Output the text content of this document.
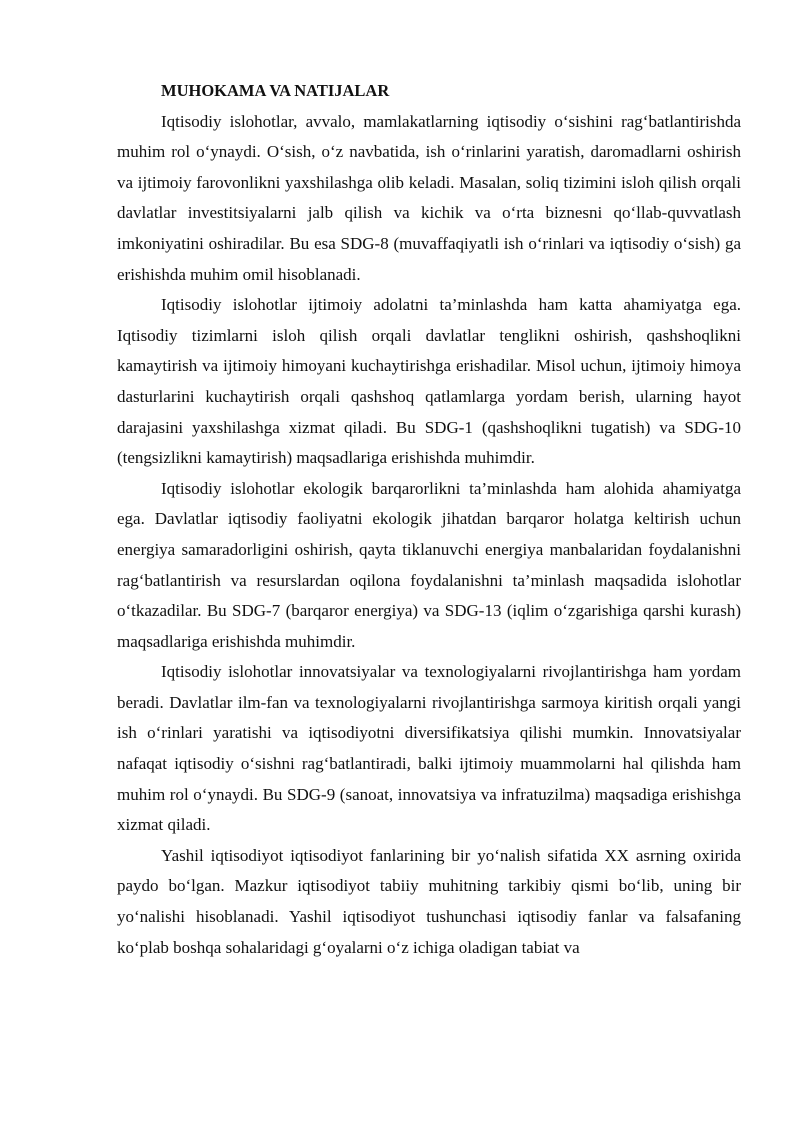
MUHOKAMA VA NATIJALAR

Iqtisodiy islohotlar, avvalo, mamlakatlarning iqtisodiy o‘sishini rag‘batlantirishda muhim rol o‘ynaydi. O‘sish, o‘z navbatida, ish o‘rinlarini yaratish, daromadlarni oshirish va ijtimoiy farovonlikni yaxshilashga olib keladi. Masalan, soliq tizimini isloh qilish orqali davlatlar investitsiyalarni jalb qilish va kichik va o‘rta biznesni qo‘llab-quvvatlash imkoniyatini oshiradilar. Bu esa SDG-8 (muvaffaqiyatli ish o‘rinlari va iqtisodiy o‘sish) ga erishishda muhim omil hisoblanadi.

Iqtisodiy islohotlar ijtimoiy adolatni ta’minlashda ham katta ahamiyatga ega. Iqtisodiy tizimlarni isloh qilish orqali davlatlar tenglikni oshirish, qashshoqlikni kamaytirish va ijtimoiy himoyani kuchaytirishga erishadilar. Misol uchun, ijtimoiy himoya dasturlarini kuchaytirish orqali qashshoq qatlamlarga yordam berish, ularning hayot darajasini yaxshilashga xizmat qiladi. Bu SDG-1 (qashshoqlikni tugatish) va SDG-10 (tengsizlikni kamaytirish) maqsadlariga erishishda muhimdir.

Iqtisodiy islohotlar ekologik barqarorlikni ta’minlashda ham alohida ahamiyatga ega. Davlatlar iqtisodiy faoliyatni ekologik jihatdan barqaror holatga keltirish uchun energiya samaradorligini oshirish, qayta tiklanuvchi energiya manbalaridan foydalanishni rag‘batlantirish va resurslardan oqilona foydalanishni ta’minlash maqsadida islohotlar o‘tkazadilar. Bu SDG-7 (barqaror energiya) va SDG-13 (iqlim o‘zgarishiga qarshi kurash) maqsadlariga erishishda muhimdir.

Iqtisodiy islohotlar innovatsiyalar va texnologiyalarni rivojlantirishga ham yordam beradi. Davlatlar ilm-fan va texnologiyalarni rivojlantirishga sarmoya kiritish orqali yangi ish o‘rinlari yaratishi va iqtisodiyotni diversifikatsiya qilishi mumkin. Innovatsiyalar nafaqat iqtisodiy o‘sishni rag‘batlantiradi, balki ijtimoiy muammolarni hal qilishda ham muhim rol o‘ynaydi. Bu SDG-9 (sanoat, innovatsiya va infratuzilma) maqsadiga erishishga xizmat qiladi.

Yashil iqtisodiyot iqtisodiyot fanlarining bir yo‘nalish sifatida XX asrning oxirida paydo bo‘lgan. Mazkur iqtisodiyot tabiiy muhitning tarkibiy qismi bo‘lib, uning bir yo‘nalishi hisoblanadi. Yashil iqtisodiyot tushunchasi iqtisodiy fanlar va falsafaning ko‘plab boshqa sohalaridagi g‘oyalarni o‘z ichiga oladigan tabiat va
